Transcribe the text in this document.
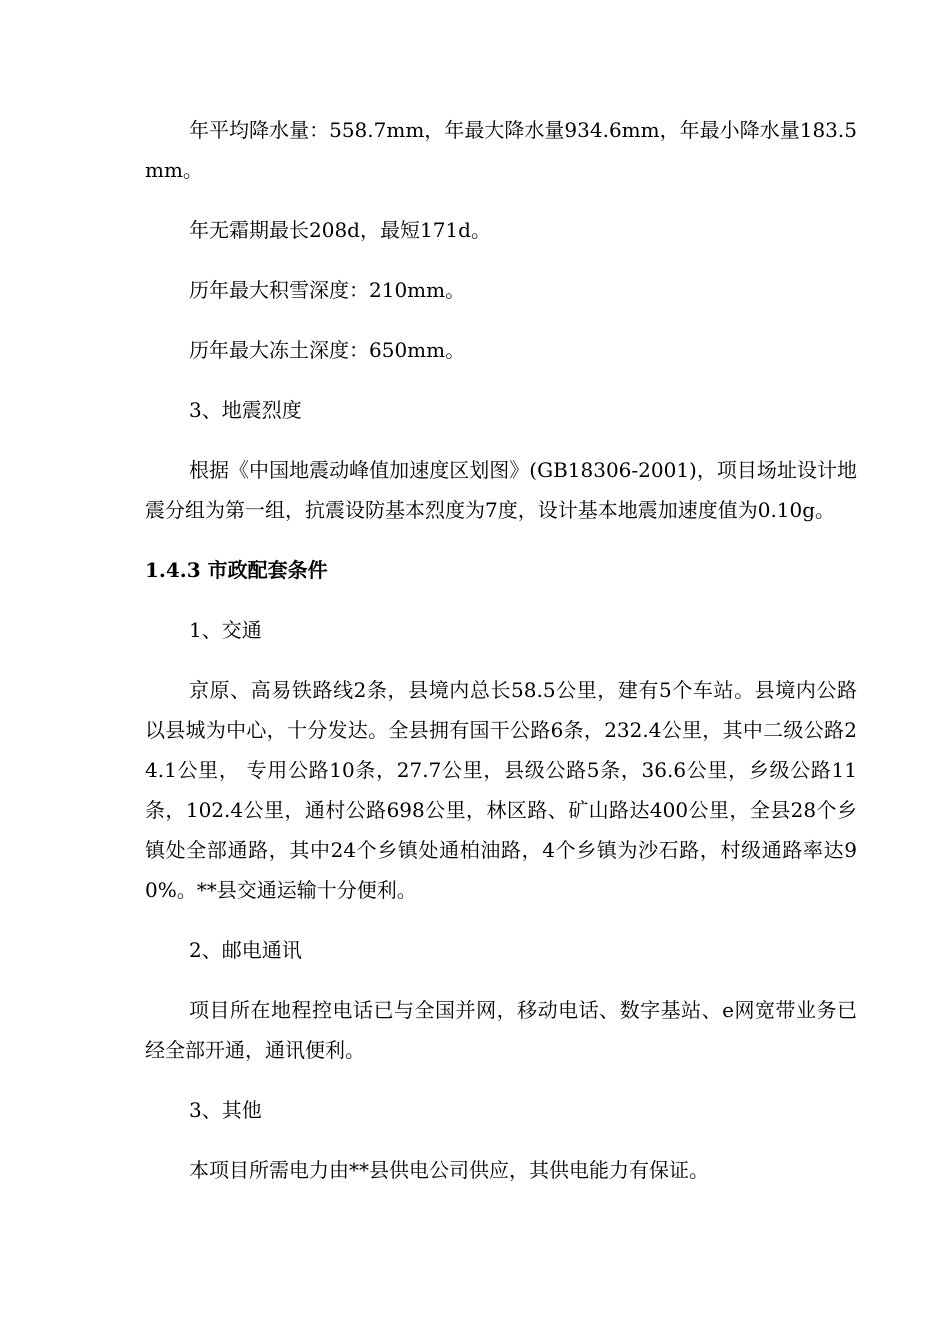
年平均降水量：558.7mm，年最大降水量934.6mm，年最小降水量183.5mm。

年无霜期最长208d，最短171d。

历年最大积雪深度：210mm。

历年最大冻土深度：650mm。

3、地震烈度

根据《中国地震动峰值加速度区划图》(GB18306-2001)，项目场址设计地震分组为第一组，抗震设防基本烈度为7度，设计基本地震加速度值为0.10g。

1.4.3 市政配套条件

1、交通

京原、高易铁路线2条，县境内总长58.5公里，建有5个车站。县境内公路以县城为中心，十分发达。全县拥有国干公路6条，232.4公里，其中二级公路24.1公里， 专用公路10条，27.7公里，县级公路5条，36.6公里，乡级公路11条，102.4公里，通村公路698公里，林区路、矿山路达400公里，全县28个乡镇处全部通路，其中24个乡镇处通柏油路，4个乡镇为沙石路，村级通路率达90%。**县交通运输十分便利。

2、邮电通讯

项目所在地程控电话已与全国并网，移动电话、数字基站、e网宽带业务已经全部开通，通讯便利。

3、其他

本项目所需电力由**县供电公司供应，其供电能力有保证。
